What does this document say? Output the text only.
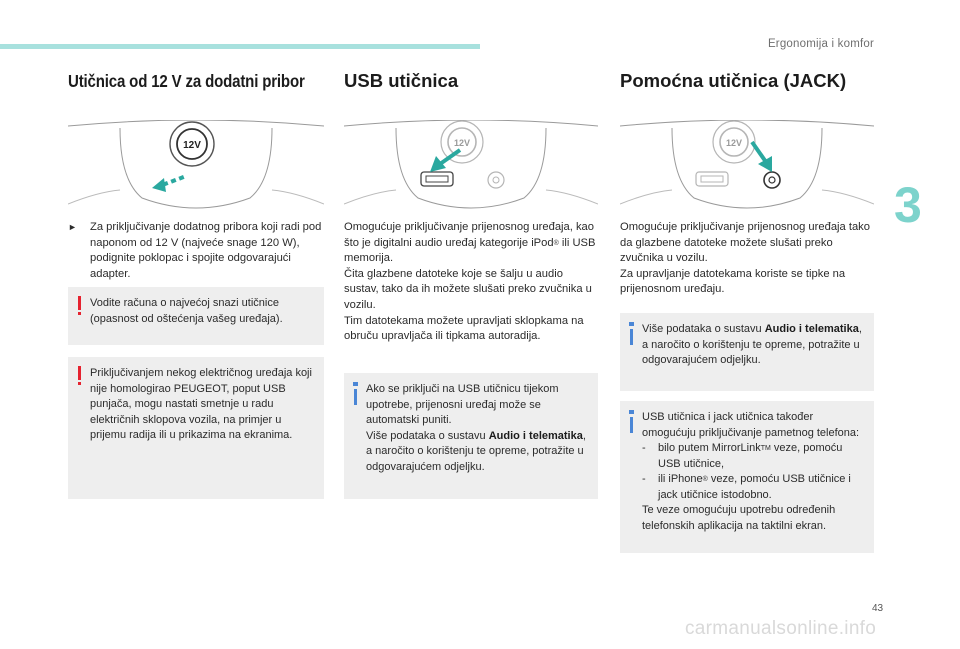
Ergonomija i komfor
3
43
carmanualsonline.info
Utičnica od 12 V za dodatni pribor
12V
► Za priključivanje dodatnog pribora koji radi pod naponom od 12 V (najveće snage 120 W), podignite poklopac i spojite odgovarajući adapter.
Vodite računa o najvećoj snazi utičnice (opasnost od oštećenja vašeg uređaja).
Priključivanjem nekog električnog uređaja koji nije homologirao PEUGEOT, poput USB punjača, mogu nastati smetnje u radu električnih sklopova vozila, na primjer u prijemu radija ili u prikazima na ekranima.
USB utičnica
12V

Omogućuje priključivanje prijenosnog uređaja, kao što je digitalni audio uređaj kategorije iPod® ili USB memorija.

Čita glazbene datoteke koje se šalju u audio sustav, tako da ih možete slušati preko zvučnika u vozilu.

Tim datotekama možete upravljati sklopkama na obruču upravljača ili tipkama autoradija.

Ako se priključi na USB utičnicu tijekom upotrebe, prijenosni uređaj može se automatski puniti.

Više podataka o sustavu Audio i telematika, a naročito o korištenju te opreme, potražite u odgovarajućem odjeljku.

Pomoćna utičnica (JACK)
12V

Omogućuje priključivanje prijenosnog uređaja tako da glazbene datoteke možete slušati preko zvučnika u vozilu.

Za upravljanje datotekama koriste se tipke na prijenosnom uređaju.

Više podataka o sustavu Audio i telematika, a naročito o korištenju te opreme, potražite u odgovarajućem odjeljku.

USB utičnica i jack utičnica također omogućuju priključivanje pametnog telefona:

-	bilo putem MirrorLink™ veze, pomoću USB utičnice,
-	ili iPhone® veze, pomoću USB utičnice i jack utičnice istodobno.

Te veze omogućuju upotrebu određenih telefonskih aplikacija na taktilni ekran.
